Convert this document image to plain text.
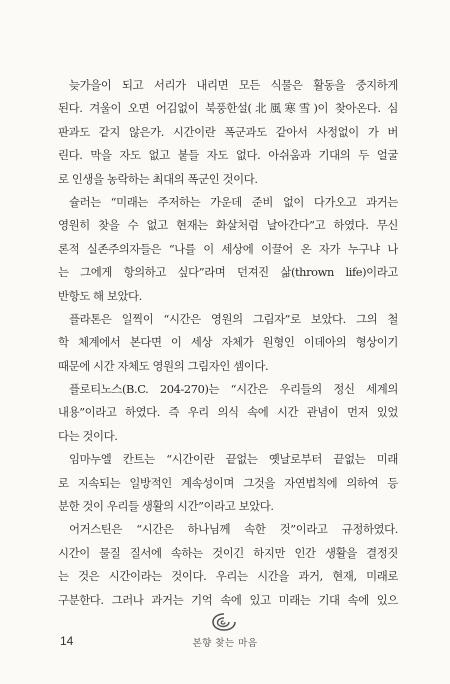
늦가을이 되고 서리가 내리면 모든 식물은 활동을 중지하게
된다. 겨울이 오면 어김없이 북풍한설(北風寒雪)이 찾아온다. 심
판과도 같지 않은가. 시간이란 폭군과도 같아서 사정없이 가 버
린다. 막을 자도 없고 붙들 자도 없다. 아쉬움과 기대의 두 얼굴
로 인생을 농락하는 최대의 폭군인 것이다.
슐러는 “미래는 주저하는 가운데 준비 없이 다가오고 과거는
영원히 찾을 수 없고 현재는 화살처럼 날아간다”고 하였다. 무신
론적 실존주의자들은 “나를 이 세상에 이끌어 온 자가 누구냐 나
는 그에게 항의하고 싶다”라며 던져진 삶(thrown life)이라고
반항도 해 보았다.
플라톤은 일찍이 “시간은 영원의 그림자”로 보았다. 그의 철
학 체계에서 본다면 이 세상 자체가 원형인 이데아의 형상이기
때문에 시간 자체도 영원의 그림자인 셈이다.
플로티노스(B.C. 204-270)는 “시간은 우리들의 정신 세계의
내용”이라고 하였다. 즉 우리 의식 속에 시간 관념이 먼저 있었
다는 것이다.
임마누엘 칸트는 “시간이란 끝없는 옛날로부터 끝없는 미래
로 지속되는 일방적인 계속성이며 그것을 자연법칙에 의하여 등
분한 것이 우리들 생활의 시간”이라고 보았다.
어거스틴은 “시간은 하나님께 속한 것”이라고 규정하였다.
시간이 물질 질서에 속하는 것이긴 하지만 인간 생활을 결정짓
는 것은 시간이라는 것이다. 우리는 시간을 과거, 현재, 미래로
구분한다. 그러나 과거는 기억 속에 있고 미래는 기대 속에 있으
14	본향 찾는 마음
